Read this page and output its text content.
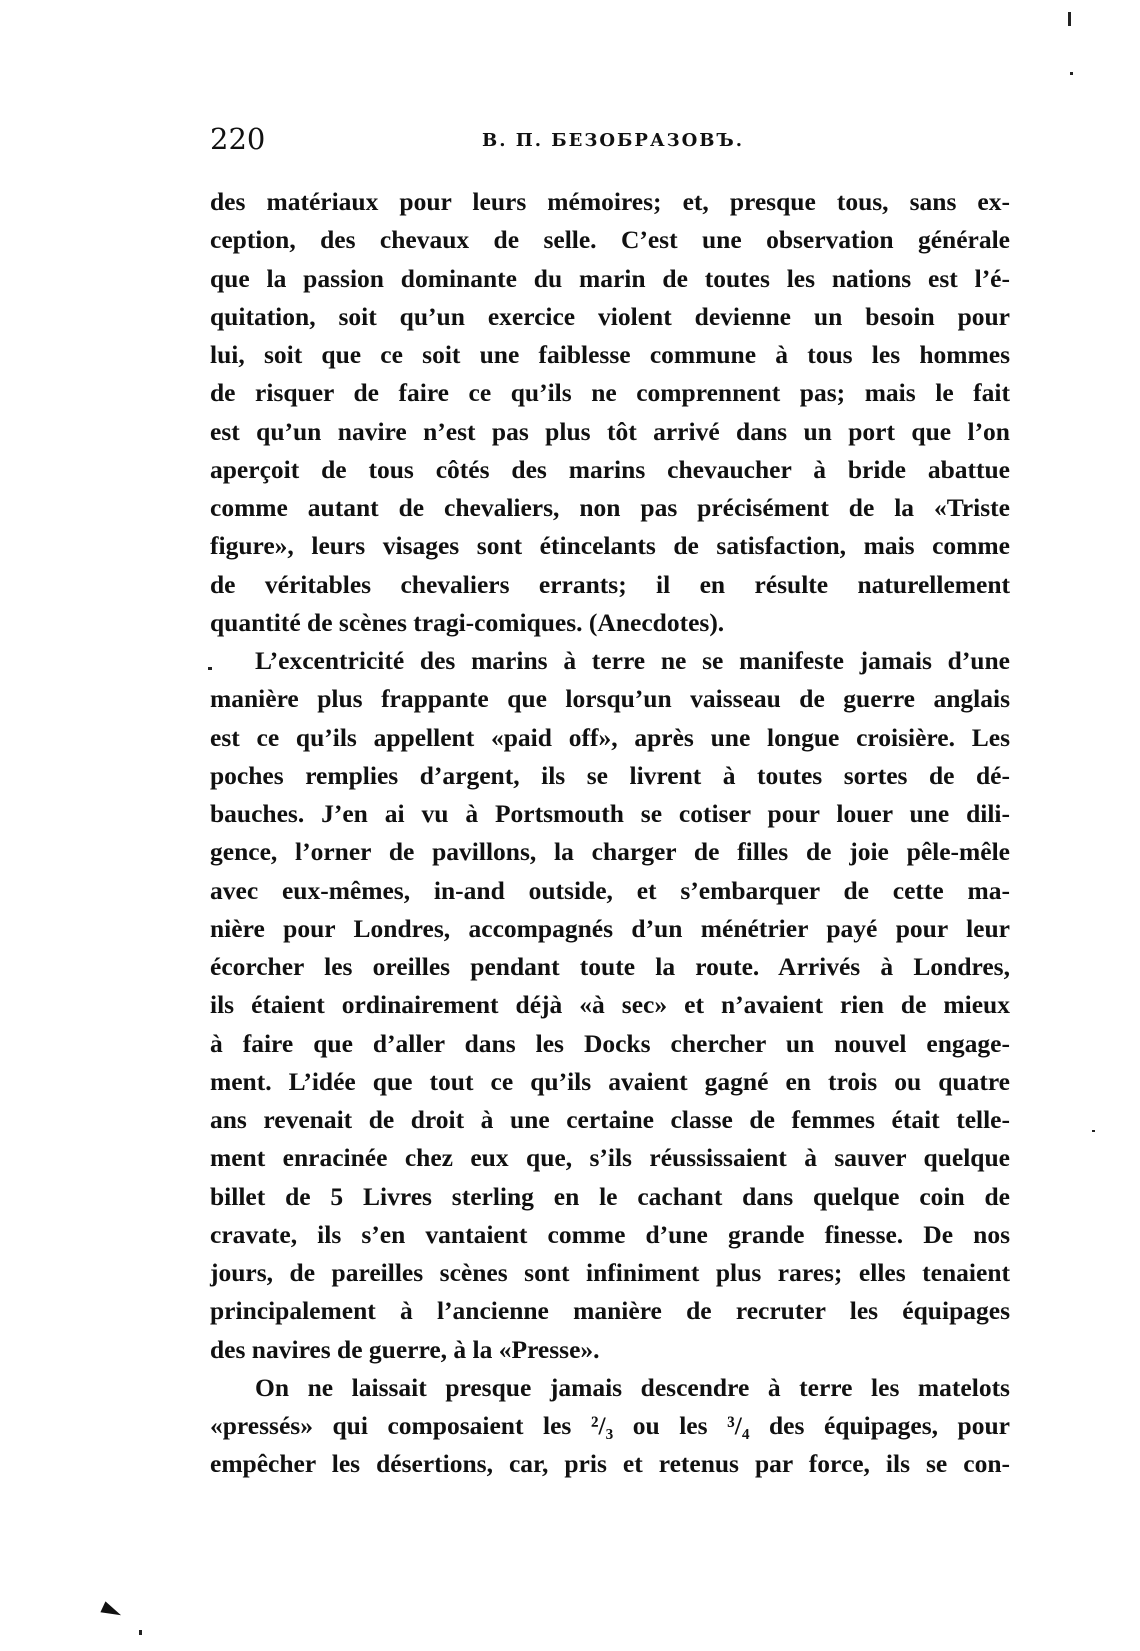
220	В. П. БЕЗОБРАЗОВЪ.
des matériaux pour leurs mémoires; et, presque tous, sans ex-
ception, des chevaux de selle. C’est une observation générale
que la passion dominante du marin de toutes les nations est l’é-
quitation, soit qu’un exercice violent devienne un besoin pour
lui, soit que ce soit une faiblesse commune à tous les hommes
de risquer de faire ce qu’ils ne comprennent pas; mais le fait
est qu’un navire n’est pas plus tôt arrivé dans un port que l’on
aperçoit de tous côtés des marins chevaucher à bride abattue
comme autant de chevaliers, non pas précisément de la «Triste
figure», leurs visages sont étincelants de satisfaction, mais comme
de véritables chevaliers errants; il en résulte naturellement
quantité de scènes tragi-comiques. (Anecdotes).
L’excentricité des marins à terre ne se manifeste jamais d’une
manière plus frappante que lorsqu’un vaisseau de guerre anglais
est ce qu’ils appellent «paid off», après une longue croisière. Les
poches remplies d’argent, ils se livrent à toutes sortes de dé-
bauches. J’en ai vu à Portsmouth se cotiser pour louer une dili-
gence, l’orner de pavillons, la charger de filles de joie pêle-mêle
avec eux-mêmes, in-and outside, et s’embarquer de cette ma-
nière pour Londres, accompagnés d’un ménétrier payé pour leur
écorcher les oreilles pendant toute la route. Arrivés à Londres,
ils étaient ordinairement déjà «à sec» et n’avaient rien de mieux
à faire que d’aller dans les Docks chercher un nouvel engage-
ment. L’idée que tout ce qu’ils avaient gagné en trois ou quatre
ans revenait de droit à une certaine classe de femmes était telle-
ment enracinée chez eux que, s’ils réussissaient à sauver quelque
billet de 5 Livres sterling en le cachant dans quelque coin de
cravate, ils s’en vantaient comme d’une grande finesse. De nos
jours, de pareilles scènes sont infiniment plus rares; elles tenaient
principalement à l’ancienne manière de recruter les équipages
des navires de guerre, à la «Presse».
On ne laissait presque jamais descendre à terre les matelots
«pressés» qui composaient les ²/₃ ou les ³/₄ des équipages, pour
empêcher les désertions, car, pris et retenus par force, ils se con-
